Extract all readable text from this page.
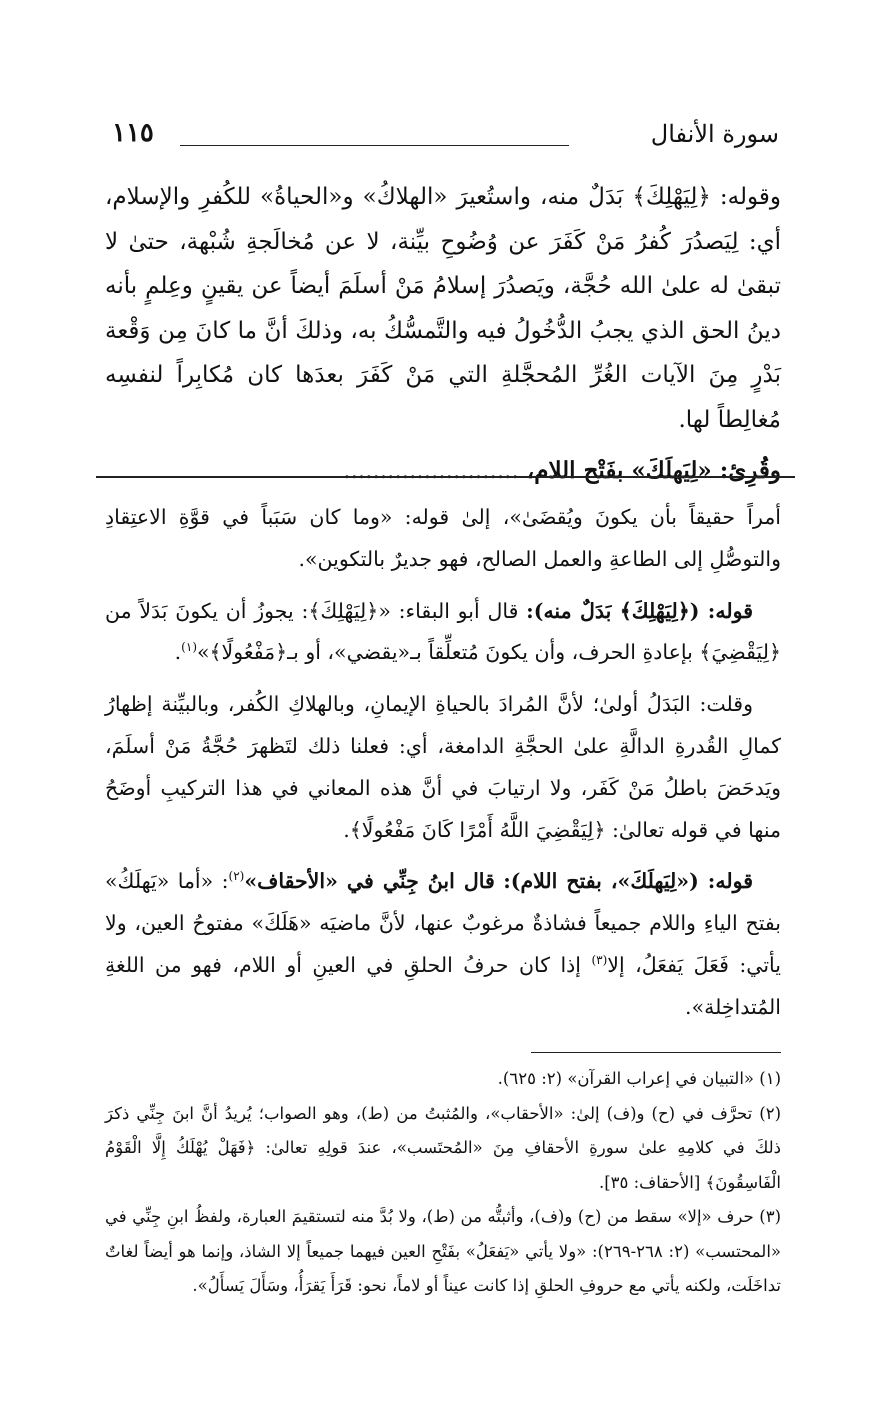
١١٥	سورة الأنفال

وقوله: ﴿لِيَهْلِكَ﴾ بَدَلٌ منه، واستُعيرَ «الهلاكُ» و«الحياةُ» للكُفرِ والإسلام، أي: لِيَصدُرَ كُفرُ مَنْ كَفَرَ عن وُضُوحِ بيِّنة، لا عن مُخالَجةِ شُبْهة، حتىٰ لا تبقىٰ له علىٰ الله حُجَّة، ويَصدُرَ إسلامُ مَنْ أسلَمَ أيضاً عن يقينٍ وعِلمٍ بأنه دينُ الحق الذي يجبُ الدُّخُولُ فيه والتَّمسُّكُ به، وذلكَ أنَّ ما كانَ مِن وَقْعة بَدْرٍ مِنَ الآيات الغُرِّ المُحجَّلةِ التي مَنْ كَفَرَ بعدَها كان مُكابِراً لنفسِه مُغالِطاً لها.

وقُرِئ: «لِيَهلَكَ» بفَتْح اللام، ........................

أمراً حقيقاً بأن يكونَ ويُقضَىٰ»، إلىٰ قوله: «وما كان سَبَباً في قوَّةِ الاعتِقادِ والتوصُّلِ إلى الطاعةِ والعمل الصالح، فهو جديرٌ بالتكوين».

قوله: (﴿لِيَهْلِكَ﴾ بَدَلٌ منه): قال أبو البقاء: «﴿لِيَهْلِكَ﴾: يجوزُ أن يكونَ بَدَلاً من ﴿لِيَقْضِيَ﴾ بإعادةِ الحرف، وأن يكونَ مُتعلِّقاً بـ«يقضي»، أو بـ﴿مَفْعُولًا﴾»$^{(١)}$.

وقلت: البَدَلُ أولىٰ؛ لأنَّ المُرادَ بالحياةِ الإيمانِ، وبالهلاكِ الكُفر، وبالبيِّنة إظهارُ كمالِ القُدرةِ الدالَّةِ علىٰ الحجَّةِ الدامغة، أي: فعلنا ذلك لتَظهرَ حُجَّةُ مَنْ أسلَمَ، ويَدحَضَ باطلُ مَنْ كَفَر، ولا ارتيابَ في أنَّ هذه المعاني في هذا التركيبِ أوضَحُ منها في قوله تعالىٰ: ﴿لِيَقْضِيَ اللَّهُ أَمْرًا كَانَ مَفْعُولًا﴾.

قوله: («لِيَهلَكَ»، بفتح اللام): قال ابنُ جِنِّي في «الأحقاف»$^{(٢)}$: «أما «يَهلَكُ» بفتح الياءِ واللام جميعاً فشاذةٌ مرغوبٌ عنها، لأنَّ ماضيَه «هَلَكَ» مفتوحُ العين، ولا يأتي: فَعَلَ يَفعَلُ، إلا$^{(٣)}$ إذا كان حرفُ الحلقِ في العينِ أو اللام، فهو من اللغةِ المُتداخِلة».

(١) «التبيان في إعراب القرآن» (٢: ٦٢٥).

(٢) تحرَّف في (ح) و(ف) إلىٰ: «الأحقاب»، والمُثبتُ من (ط)، وهو الصواب؛ يُريدُ أنَّ ابنَ جِنِّي ذكرَ ذلكَ في كلامِهِ علىٰ سورةِ الأحقافِ مِنَ «المُحتَسب»، عندَ قولِهِ تعالىٰ: ﴿فَهَلْ يُهْلَكُ إِلَّا الْقَوْمُ الْفَاسِقُونَ﴾ [الأحقاف: ٣٥].

(٣) حرف «إلا» سقط من (ح) و(ف)، وأثبتُّه من (ط)، ولا بُدَّ منه لتستقيمَ العبارة، ولفظُ ابنِ جِنِّي في «المحتسب» (٢: ٢٦٨-٢٦٩): «ولا يأتي «يَفعَلُ» بفَتْحِ العين فيهما جميعاً إلا الشاذ، وإنما هو أيضاً لغاتٌ تداخَلَت، ولكنه يأتي مع حروفِ الحلقِ إذا كانت عيناً أو لاماً، نحو: قَرَأَ يَقرَأُ، وسَأَلَ يَسأَلُ».
